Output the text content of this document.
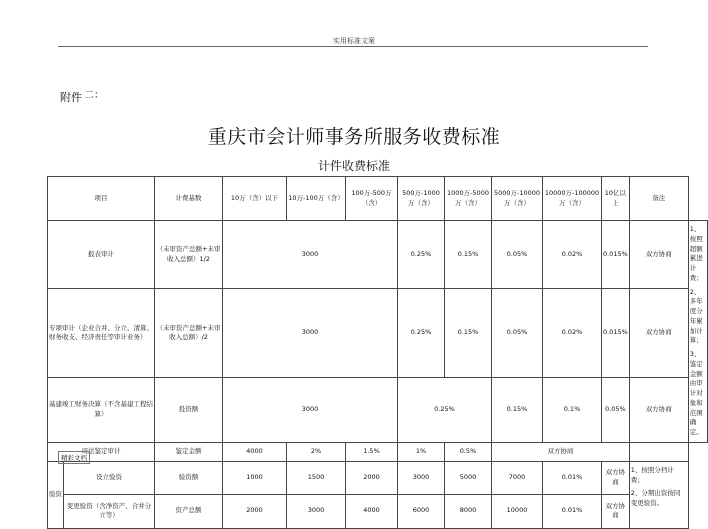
实用标准文案
附件 二：
重庆市会计师事务所服务收费标准
计件收费标准
项目		计费基数	10万（含）以下	10万-100万（含）	100万-500万（含）	500万-1000万（含）	1000万-5000万（含）	5000万-10000万（含）	10000万-100000万（含）	10亿以上	备注	
报表审计		（未审资产总额+未审收入总额）1/2	3000			0.25%	0.15%	0.05%	0.02%	0.015%	双方协商	1、按照超额累进计费；

2、多年度分年累加计算；

3、鉴定金额由审计对象和范围确定。

专项审计（企业合并、分立、清算、财务收支、经济责任等审计业务）		（未审资产总额+未审收入总额）/2	3000			0.25%	0.15%	0.05%	0.02%	0.015%	双方协商	
基建竣工财务决算（不含基建工程结算）		投资额	3000			0.25%		0.15%	0.1%	0.05%	双方协商	
司法鉴定审计		鉴定金额	4000	2%	1.5%	1%	0.5%	双方协商				
验资	设立验资	验资额	1000	1500	2000	3000	5000	7000	0.01%	双方协商	1、按照分档计费；

2、分期出资按同变更验资。	

	变更验资（含净资产、合并分立等）	资产总额	2000	3000	4000	6000	8000	10000	0.01%	双方协商		
精彩文档
